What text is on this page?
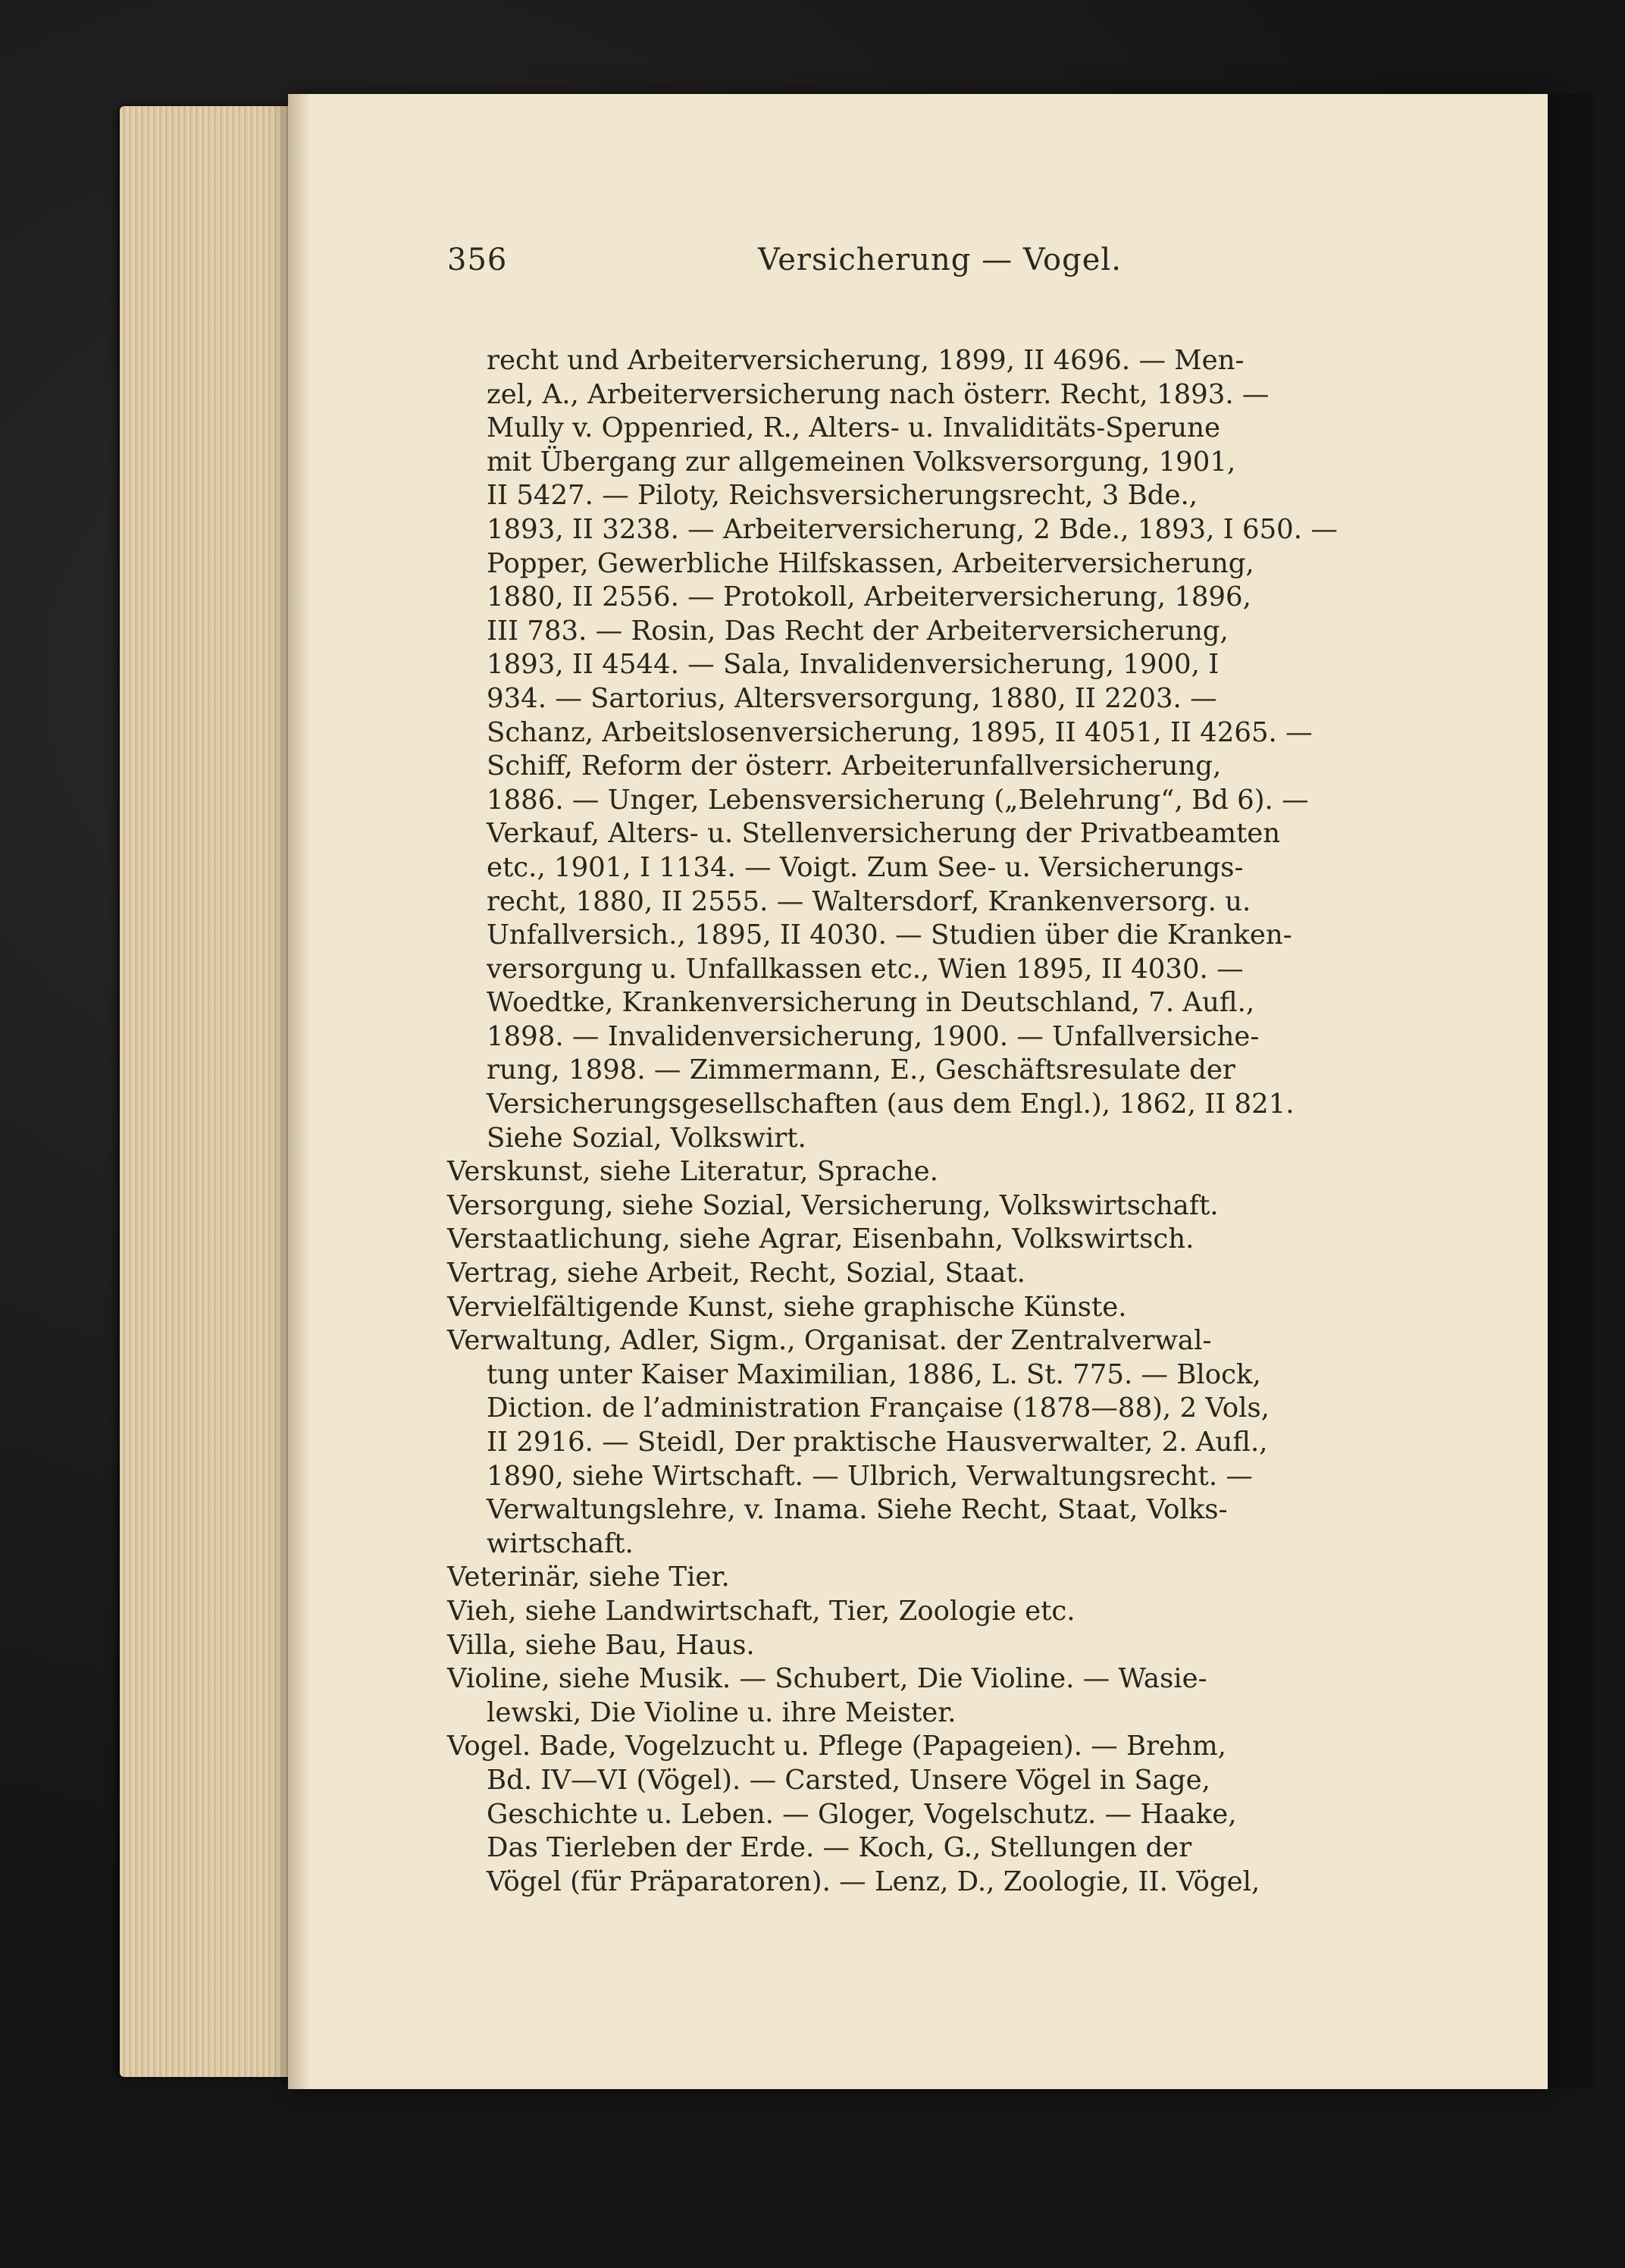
356	Versicherung — Vogel.
recht und Arbeiterversicherung, 1899, II 4696. — Men-
zel, A., Arbeiterversicherung nach österr. Recht, 1893. —
Mully v. Oppenried, R., Alters- u. Invaliditäts-Sperune
mit Übergang zur allgemeinen Volksversorgung, 1901,
II 5427. — Piloty, Reichsversicherungsrecht, 3 Bde.,
1893, II 3238. — Arbeiterversicherung, 2 Bde., 1893, I 650. —
Popper, Gewerbliche Hilfskassen, Arbeiterversicherung,
1880, II 2556. — Protokoll, Arbeiterversicherung, 1896,
III 783. — Rosin, Das Recht der Arbeiterversicherung,
1893, II 4544. — Sala, Invalidenversicherung, 1900, I
934. — Sartorius, Altersversorgung, 1880, II 2203. —
Schanz, Arbeitslosenversicherung, 1895, II 4051, II 4265. —
Schiff, Reform der österr. Arbeiterunfallversicherung,
1886. — Unger, Lebensversicherung („Belehrung“, Bd 6). —
Verkauf, Alters- u. Stellenversicherung der Privatbeamten
etc., 1901, I 1134. — Voigt. Zum See- u. Versicherungs-
recht, 1880, II 2555. — Waltersdorf, Krankenversorg. u.
Unfallversich., 1895, II 4030. — Studien über die Kranken-
versorgung u. Unfallkassen etc., Wien 1895, II 4030. —
Woedtke, Krankenversicherung in Deutschland, 7. Aufl.,
1898. — Invalidenversicherung, 1900. — Unfallversiche-
rung, 1898. — Zimmermann, E., Geschäftsresulate der
Versicherungsgesellschaften (aus dem Engl.), 1862, II 821.
Siehe Sozial, Volkswirt.
Verskunst, siehe Literatur, Sprache.
Versorgung, siehe Sozial, Versicherung, Volkswirtschaft.
Verstaatlichung, siehe Agrar, Eisenbahn, Volkswirtsch.
Vertrag, siehe Arbeit, Recht, Sozial, Staat.
Vervielfältigende Kunst, siehe graphische Künste.
Verwaltung, Adler, Sigm., Organisat. der Zentralverwal-
tung unter Kaiser Maximilian, 1886, L. St. 775. — Block,
Diction. de l’administration Française (1878—88), 2 Vols,
II 2916. — Steidl, Der praktische Hausverwalter, 2. Aufl.,
1890, siehe Wirtschaft. — Ulbrich, Verwaltungsrecht. —
Verwaltungslehre, v. Inama. Siehe Recht, Staat, Volks-
wirtschaft.
Veterinär, siehe Tier.
Vieh, siehe Landwirtschaft, Tier, Zoologie etc.
Villa, siehe Bau, Haus.
Violine, siehe Musik. — Schubert, Die Violine. — Wasie-
lewski, Die Violine u. ihre Meister.
Vogel. Bade, Vogelzucht u. Pflege (Papageien). — Brehm,
Bd. IV—VI (Vögel). — Carsted, Unsere Vögel in Sage,
Geschichte u. Leben. — Gloger, Vogelschutz. — Haake,
Das Tierleben der Erde. — Koch, G., Stellungen der
Vögel (für Präparatoren). — Lenz, D., Zoologie, II. Vögel,
